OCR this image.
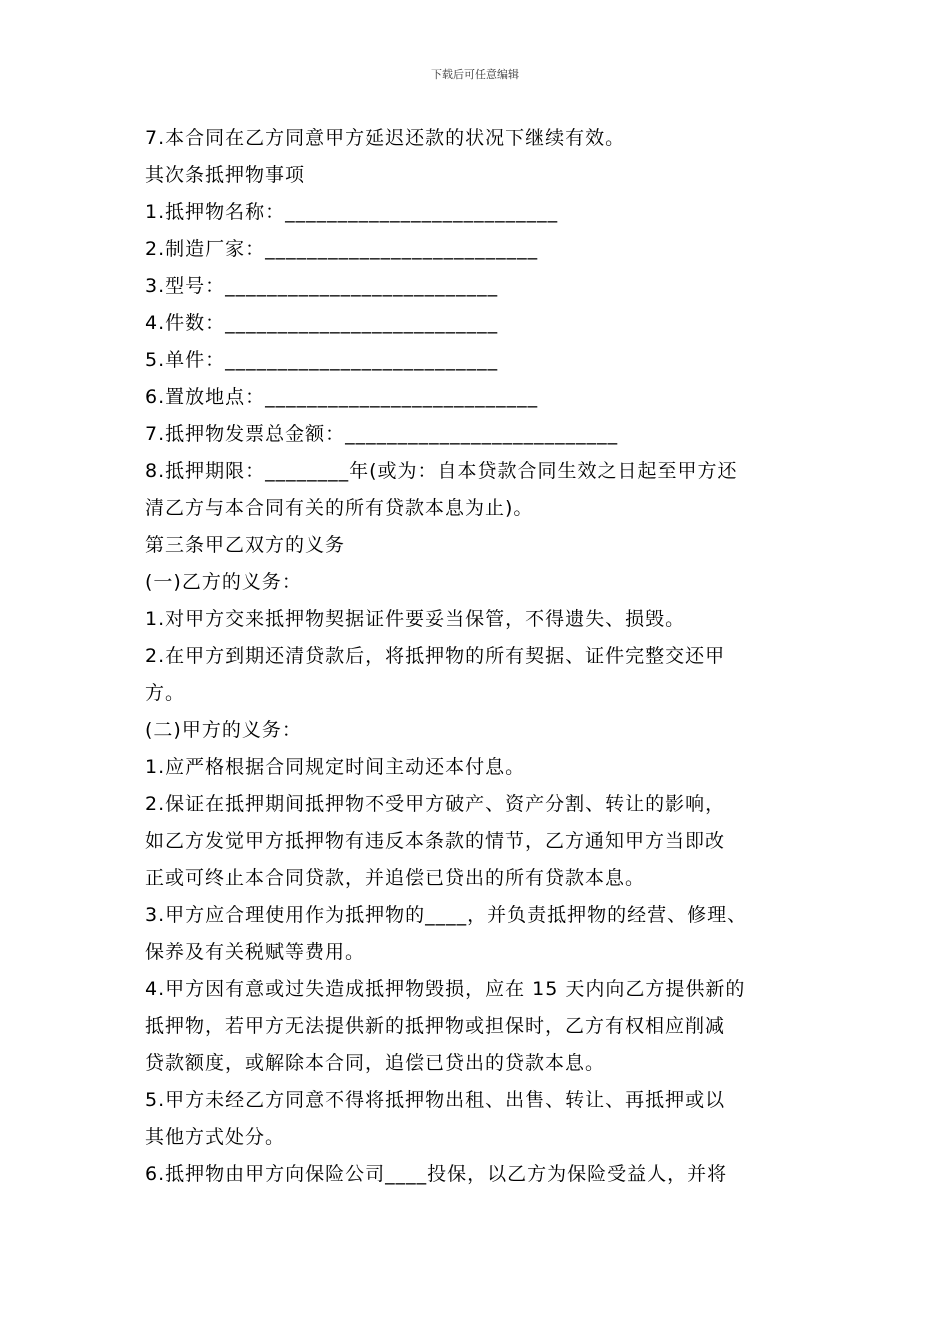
下载后可任意编辑
7.本合同在乙方同意甲方延迟还款的状况下继续有效。
其次条抵押物事项
1.抵押物名称：__________________________
2.制造厂家：__________________________
3.型号：__________________________
4.件数：__________________________
5.单件：__________________________
6.置放地点：__________________________
7.抵押物发票总金额：__________________________
8.抵押期限：________年(或为：自本贷款合同生效之日起至甲方还
清乙方与本合同有关的所有贷款本息为止)。
第三条甲乙双方的义务
(一)乙方的义务：
1.对甲方交来抵押物契据证件要妥当保管，不得遗失、损毁。
2.在甲方到期还清贷款后，将抵押物的所有契据、证件完整交还甲
方。
(二)甲方的义务：
1.应严格根据合同规定时间主动还本付息。
2.保证在抵押期间抵押物不受甲方破产、资产分割、转让的影响，
如乙方发觉甲方抵押物有违反本条款的情节，乙方通知甲方当即改
正或可终止本合同贷款，并追偿已贷出的所有贷款本息。
3.甲方应合理使用作为抵押物的____，并负责抵押物的经营、修理、
保养及有关税赋等费用。
4.甲方因有意或过失造成抵押物毁损，应在 15 天内向乙方提供新的
抵押物，若甲方无法提供新的抵押物或担保时，乙方有权相应削减
贷款额度，或解除本合同，追偿已贷出的贷款本息。
5.甲方未经乙方同意不得将抵押物出租、出售、转让、再抵押或以
其他方式处分。
6.抵押物由甲方向保险公司____投保，以乙方为保险受益人，并将
